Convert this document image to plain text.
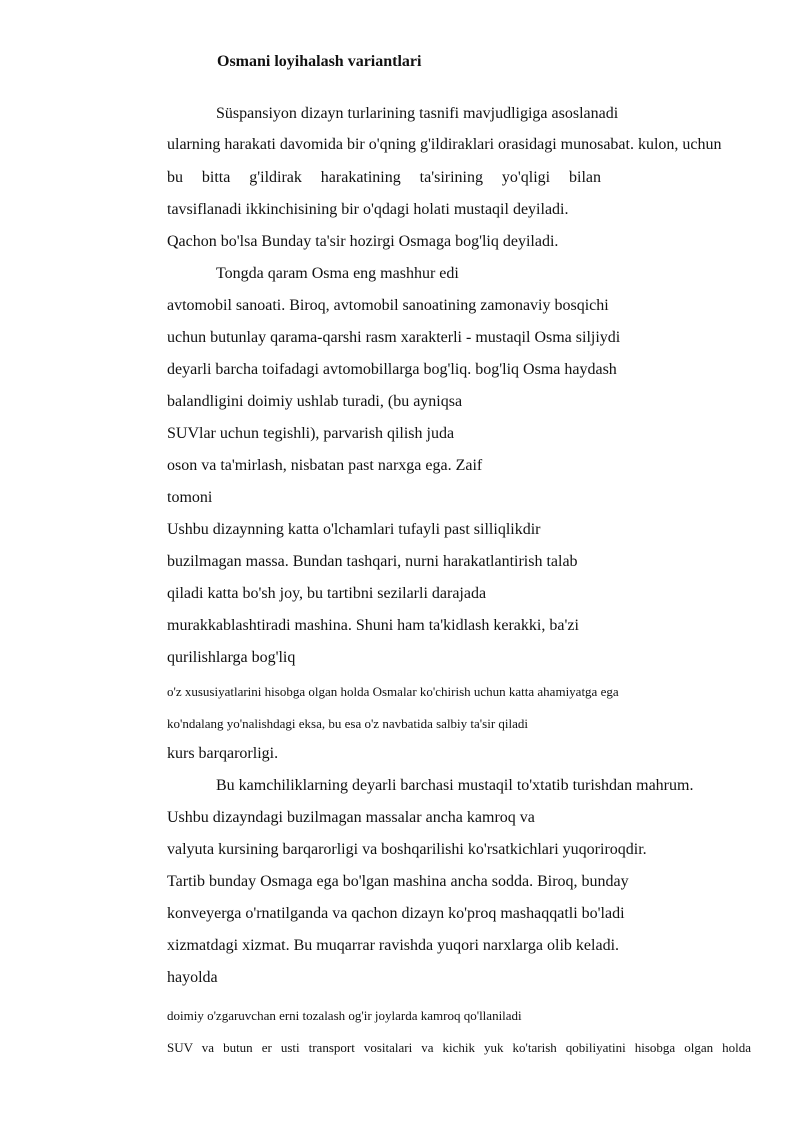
Osmani loyihalash variantlari
Süspansiyon dizayn turlarining tasnifi mavjudligiga asoslanadi
ularning harakati davomida bir o'qning g'ildiraklari orasidagi munosabat. kulon, uchun
bu bitta g'ildirak harakatining ta'sirining yo'qligi bilan
tavsiflanadi ikkinchisining bir o'qdagi holati mustaqil deyiladi.
Qachon bo'lsa Bunday ta'sir hozirgi Osmaga bog'liq deyiladi.
Tongda qaram Osma eng mashhur edi
avtomobil sanoati. Biroq, avtomobil sanoatining zamonaviy bosqichi
uchun butunlay qarama-qarshi rasm xarakterli - mustaqil Osma siljiydi
deyarli barcha toifadagi avtomobillarga bog'liq. bog'liq Osma haydash
balandligini doimiy ushlab turadi, (bu ayniqsa
SUVlar uchun tegishli), parvarish qilish juda
oson va ta'mirlash, nisbatan past narxga ega. Zaif
tomoni
Ushbu dizaynning katta o'lchamlari tufayli past silliqlikdir
buzilmagan massa. Bundan tashqari, nurni harakatlantirish talab
qiladi katta bo'sh joy, bu tartibni sezilarli darajada
murakkablashtiradi mashina. Shuni ham ta'kidlash kerakki, ba'zi
qurilishlarga bog'liq
o'z xususiyatlarini hisobga olgan holda Osmalar ko'chirish uchun katta ahamiyatga ega
ko'ndalang yo'nalishdagi eksa, bu esa o'z navbatida salbiy ta'sir qiladi
kurs barqarorligi.
Bu kamchiliklarning deyarli barchasi mustaqil to'xtatib turishdan mahrum.
Ushbu dizayndagi buzilmagan massalar ancha kamroq va
valyuta kursining barqarorligi va boshqarilishi ko'rsatkichlari yuqoriroqdir.
Tartib bunday Osmaga ega bo'lgan mashina ancha sodda. Biroq, bunday
konveyerga o'rnatilganda va qachon dizayn ko'proq mashaqqatli bo'ladi
xizmatdagi xizmat. Bu muqarrar ravishda yuqori narxlarga olib keladi.
hayolda
doimiy o'zgaruvchan erni tozalash og'ir joylarda kamroq qo'llaniladi
SUV va butun er usti transport vositalari va kichik yuk ko'tarish qobiliyatini hisobga olgan holda
